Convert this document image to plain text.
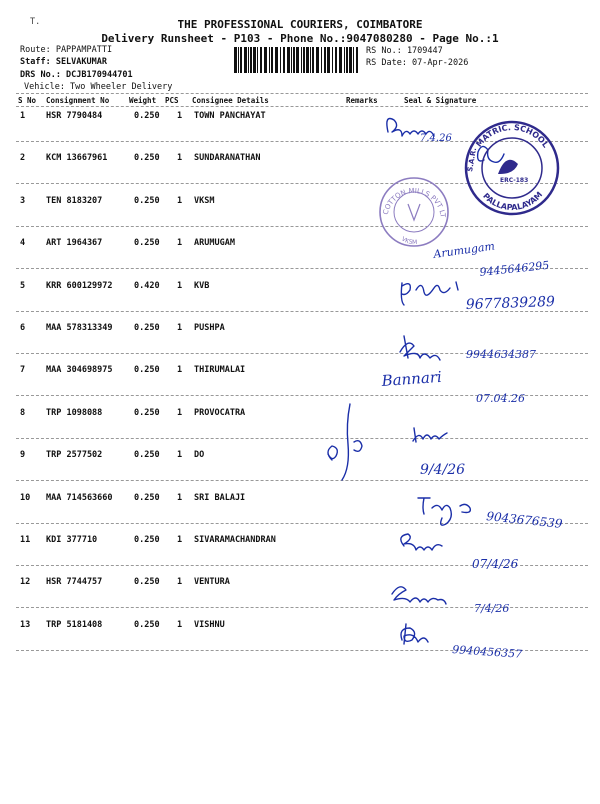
T.	THE PROFESSIONAL COURIERS, COIMBATORE
Delivery Runsheet - P103 - Phone No.:9047080280 - Page No.:1
Route: PAPPAMPATTI
Staff: SELVAKUMAR
DRS No.: DCJB170944701
Vehicle: Two Wheeler Delivery
RS No.: 1709447
RS Date: 07-Apr-2026
S No Consignment No	Weight PCS Consignee Details	Remarks	Seal & Signature
1 HSR 7790484	0.250 1 TOWN PANCHAYAT
2 KCM 13667961	0.250 1 SUNDARANATHAN
3 TEN 8183207	0.250 1 VKSM
4 ART 1964367	0.250 1 ARUMUGAM
5 KRR 600129972	0.420 1 KVB
6 MAA 578313349	0.250 1 PUSHPA
7 MAA 304698975	0.250 1 THIRUMALAI
8 TRP 1098088	0.250 1 PROVOCATRA
9 TRP 2577502	0.250 1 DO
10 MAA 714563660	0.250 1 SRI BALAJI
11 KDI 377710	0.250 1 SIVARAMACHANDRAN
12 HSR 7744757	0.250 1 VENTURA
13 TRP 5181408	0.250 1 VISHNU
7.4.26
Arumugam
9445646295
9677839289
9944634387
Bannari
07.04.26
9/4/26
9043676539
07/4/26
7/4/26
9940456357
MATRIC. SCHOOL
PALLAPALAYAM
S.A.R.
ERC-183
COTTON MILLS PVT LTD
VKSM
